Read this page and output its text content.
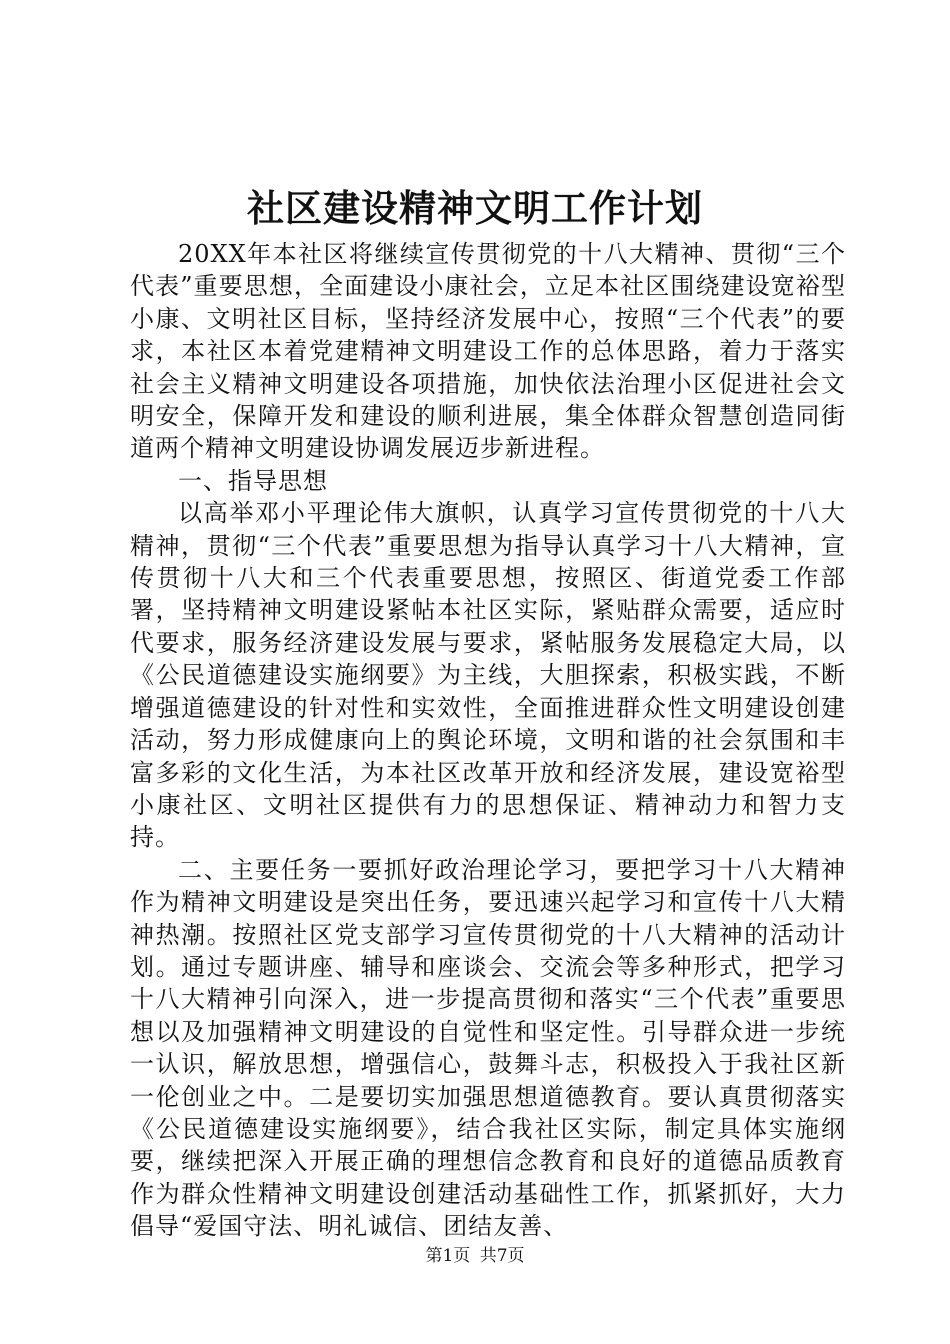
社区建设精神文明工作计划

20XX年本社区将继续宣传贯彻党的十八大精神、贯彻“三个代表”重要思想，全面建设小康社会，立足本社区围绕建设宽裕型小康、文明社区目标，坚持经济发展中心，按照“三个代表”的要求，本社区本着党建精神文明建设工作的总体思路，着力于落实社会主义精神文明建设各项措施，加快依法治理小区促进社会文明安全，保障开发和建设的顺利进展，集全体群众智慧创造同街道两个精神文明建设协调发展迈步新进程。

一、指导思想

以高举邓小平理论伟大旗帜，认真学习宣传贯彻党的十八大精神，贯彻“三个代表”重要思想为指导认真学习十八大精神，宣传贯彻十八大和三个代表重要思想，按照区、街道党委工作部署，坚持精神文明建设紧帖本社区实际，紧贴群众需要，适应时代要求，服务经济建设发展与要求，紧帖服务发展稳定大局，以《公民道德建设实施纲要》为主线，大胆探索，积极实践，不断增强道德建设的针对性和实效性，全面推进群众性文明建设创建活动，努力形成健康向上的舆论环境，文明和谐的社会氛围和丰富多彩的文化生活，为本社区改革开放和经济发展，建设宽裕型小康社区、文明社区提供有力的思想保证、精神动力和智力支持。

二、主要任务一要抓好政治理论学习，要把学习十八大精神作为精神文明建设是突出任务，要迅速兴起学习和宣传十八大精神热潮。按照社区党支部学习宣传贯彻党的十八大精神的活动计划。通过专题讲座、辅导和座谈会、交流会等多种形式，把学习十八大精神引向深入，进一步提高贯彻和落实“三个代表”重要思想以及加强精神文明建设的自觉性和坚定性。引导群众进一步统一认识，解放思想，增强信心，鼓舞斗志，积极投入于我社区新一伦创业之中。二是要切实加强思想道德教育。要认真贯彻落实《公民道德建设实施纲要》，结合我社区实际，制定具体实施纲要，继续把深入开展正确的理想信念教育和良好的道德品质教育作为群众性精神文明建设创建活动基础性工作，抓紧抓好，大力倡导“爱国守法、明礼诚信、团结友善、

第1页 共7页
